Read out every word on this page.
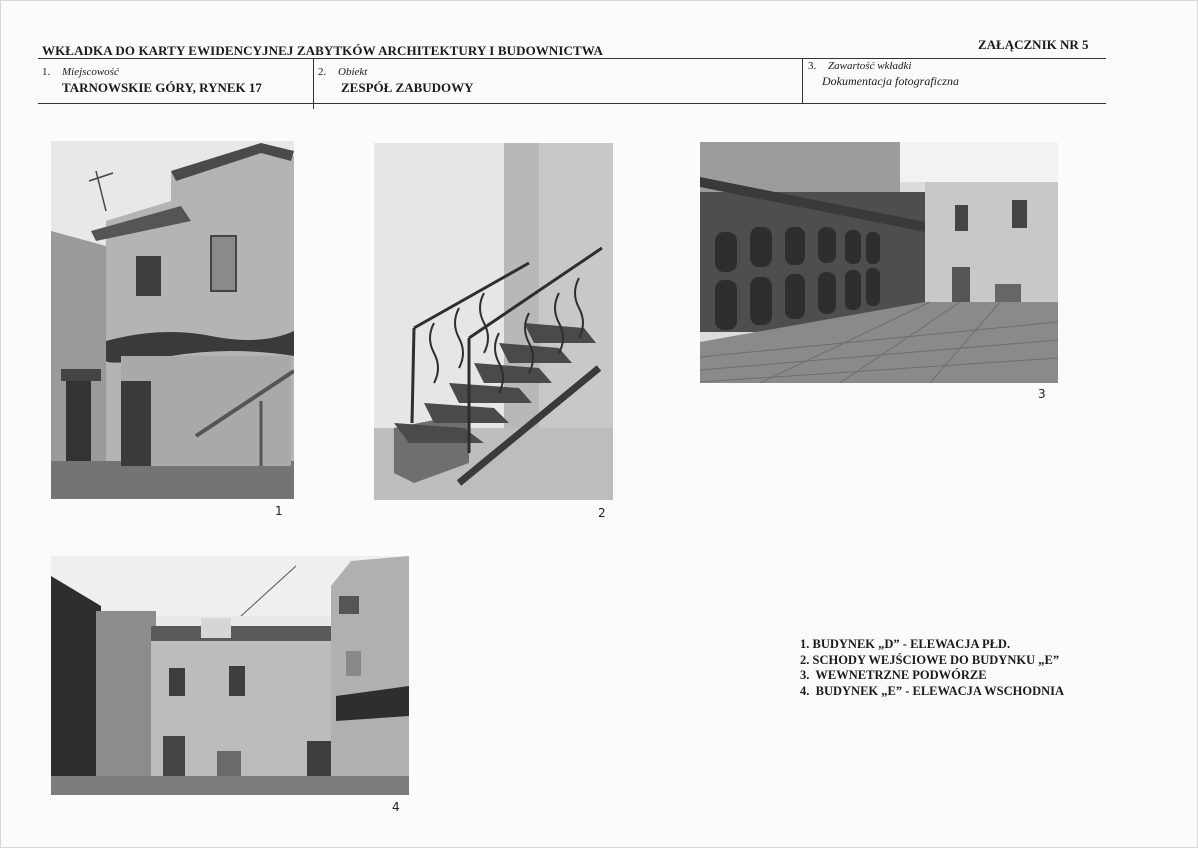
WKŁADKA DO KARTY EWIDENCYJNEJ ZABYTKÓW ARCHITEKTURY I BUDOWNICTWA	ZAŁĄCZNIK NR 5
1. Miejscowość
TARNOWSKIE GÓRY, RYNEK 17
2. Obiekt
ZESPÓŁ ZABUDOWY
3. Zawartość wkładki
Dokumentacja fotograficzna
1	2
3
4
1. BUDYNEK „D” - ELEWACJA PŁD.
2. SCHODY WEJŚCIOWE DO BUDYNKU „E”
3. WEWNETRZNE PODWÓRZE
4. BUDYNEK „E” - ELEWACJA WSCHODNIA
